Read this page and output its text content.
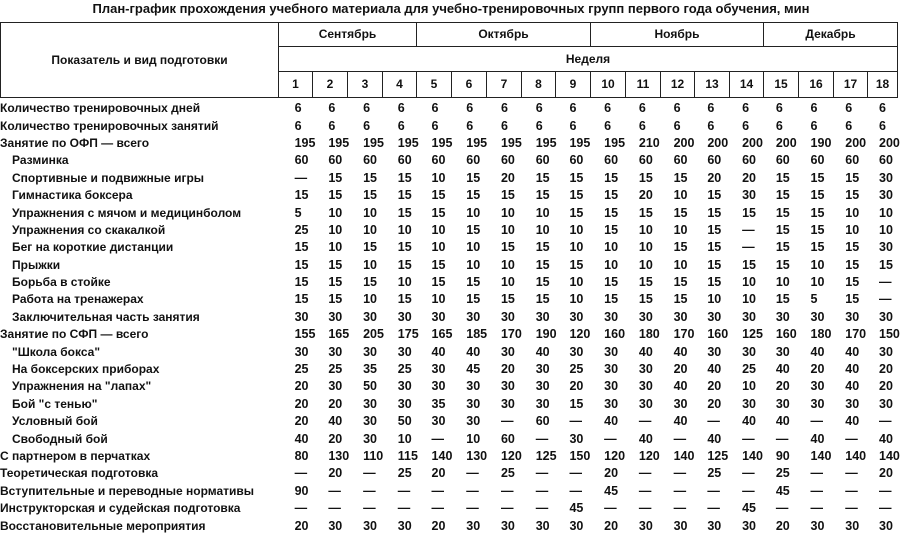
План-график прохождения учебного материала для учебно-тренировочных групп первого года обучения, мин
Показатель и вид подготовки	Сентябрь				Октябрь					Ноябрь					Декабрь			
	Неделя																	
	1	2	3	4	5	6	7	8	9	10	11	12	13	14	15	16	17	18
Количество тренировочных дней	6	6	6	6	6	6	6	6	6	6	6	6	6	6	6	6	6	6
Количество тренировочных занятий	6	6	6	6	6	6	6	6	6	6	6	6	6	6	6	6	6	6
Занятие по ОФП — всего	195	195	195	195	195	195	195	195	195	195	210	200	200	200	200	190	200	200
Разминка	60	60	60	60	60	60	60	60	60	60	60	60	60	60	60	60	60	60
Спортивные и подвижные игры	—	15	15	15	10	15	20	15	15	15	15	15	20	20	15	15	15	30
Гимнастика боксера	15	15	15	15	15	15	15	15	15	15	20	10	15	30	15	15	15	30
Упражнения с мячом и медицинболом	5	10	10	15	15	10	10	10	15	15	15	15	15	15	15	15	10	10
Упражнения со скакалкой	25	10	10	10	10	15	10	10	10	15	10	10	15	—	15	15	10	10
Бег на короткие дистанции	15	10	15	15	10	10	15	15	10	10	10	15	15	—	15	15	15	30
Прыжки	15	15	10	15	15	10	10	15	15	10	10	10	15	15	15	10	15	15
Борьба в стойке	15	15	15	10	15	15	10	15	10	15	15	15	15	10	10	10	15	—
Работа на тренажерах	15	15	10	15	10	15	15	15	10	15	15	15	10	10	15	5	15	—
Заключительная часть занятия	30	30	30	30	30	30	30	30	30	30	30	30	30	30	30	30	30	30
Занятие по СФП — всего	155	165	205	175	165	185	170	190	120	160	180	170	160	125	160	180	170	150
"Школа бокса"	30	30	30	30	40	40	30	40	30	30	40	40	30	30	30	40	40	30
На боксерских приборах	25	25	35	25	30	45	20	30	25	30	30	20	40	25	40	20	40	20
Упражнения на "лапах"	20	30	50	30	30	30	30	30	20	30	30	40	20	10	20	30	40	20
Бой "с тенью"	20	20	30	30	35	30	30	30	15	30	30	30	20	30	30	30	30	30
Условный бой	20	40	30	50	30	30	—	60	—	40	—	40	—	40	40	—	40	—
Свободный бой	40	20	30	10	—	10	60	—	30	—	40	—	40	—	—	40	—	40
С партнером в перчатках	80	130	110	115	140	130	120	125	150	120	120	140	125	140	90	140	140	140
Теоретическая подготовка	—	20	—	25	20	—	25	—	—	20	—	—	25	—	25	—	—	20
Вступительные и переводные нормативы	90	—	—	—	—	—	—	—	—	45	—	—	—	—	45	—	—	—
Инструкторская и судейская подготовка	—	—	—	—	—	—	—	—	45	—	—	—	—	45	—	—	—	—
Восстановительные мероприятия	20	30	30	30	20	30	30	30	30	20	30	30	30	30	20	30	30	30
